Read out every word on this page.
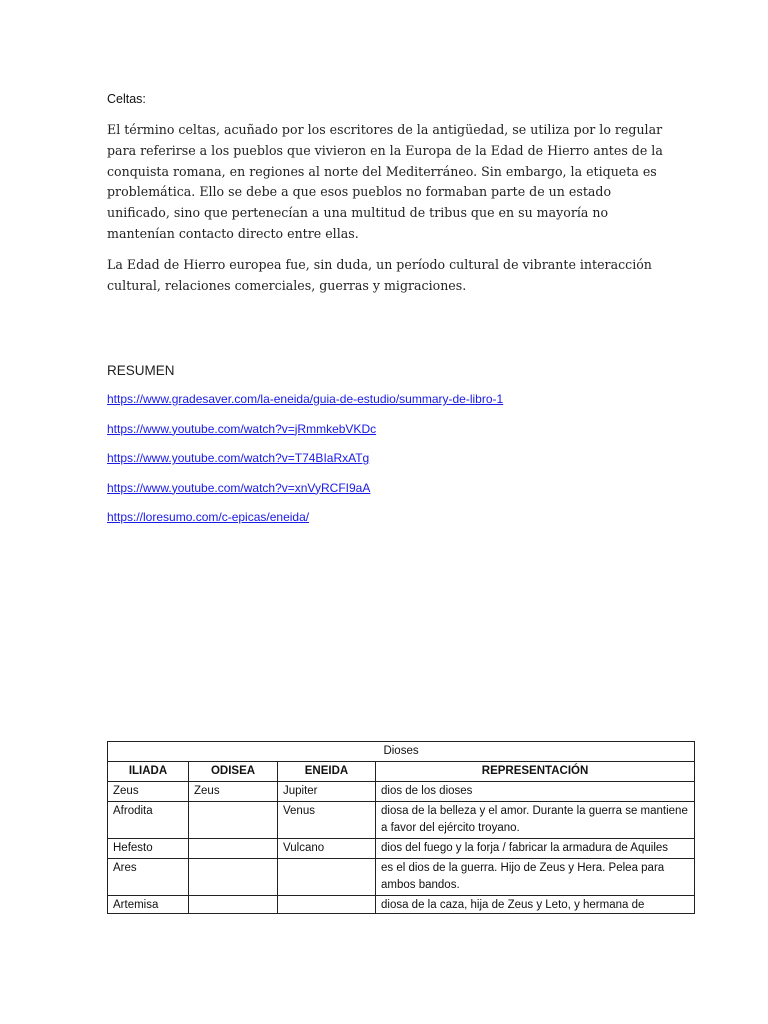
Celtas:

El término celtas, acuñado por los escritores de la antigüedad, se utiliza por lo regular para referirse a los pueblos que vivieron en la Europa de la Edad de Hierro antes de la conquista romana, en regiones al norte del Mediterráneo. Sin embargo, la etiqueta es problemática. Ello se debe a que esos pueblos no formaban parte de un estado unificado, sino que pertenecían a una multitud de tribus que en su mayoría no mantenían contacto directo entre ellas.

La Edad de Hierro europea fue, sin duda, un período cultural de vibrante interacción cultural, relaciones comerciales, guerras y migraciones.

RESUMEN
https://www.gradesaver.com/la-eneida/guia-de-estudio/summary-de-libro-1
https://www.youtube.com/watch?v=jRmmkebVKDc
https://www.youtube.com/watch?v=T74BIaRxATg
https://www.youtube.com/watch?v=xnVyRCFI9aA
https://loresumo.com/c-epicas/eneida/
Dioses			
ILIADA	ODISEA	ENEIDA	REPRESENTACIÓN
Zeus	Zeus	Jupiter	dios de los dioses
Afrodita		Venus	diosa de la belleza y el amor. Durante la guerra se mantiene a favor del ejército troyano.
Hefesto		Vulcano	dios del fuego y la forja / fabricar la armadura de Aquiles
Ares			es el dios de la guerra. Hijo de Zeus y Hera. Pelea para ambos bandos.

Artemisa			diosa de la caza, hija de Zeus y Leto, y hermana de
